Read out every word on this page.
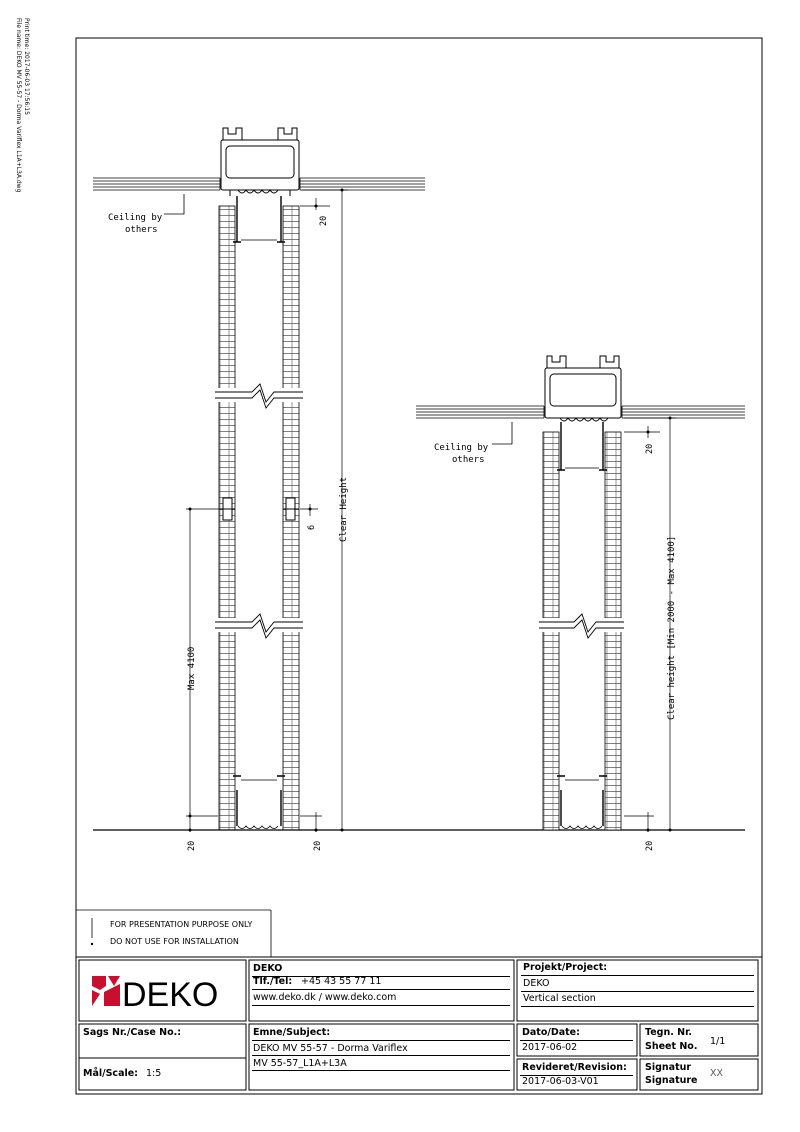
Print time: 2017-06-03 17:56:15
File name: DEKO MV 55-57 - Dorma Variflex L1A+L3A.dwg
Ceiling by
others
20
6 Clear Height
Max 4100
20	20
Ceiling by
others
20
Clear height [Min 2000 - Max 4100]
20
DEKO
FOR PRESENTATION PURPOSE ONLY
DO NOT USE FOR INSTALLATION
DEKO
Tlf./Tel: +45 43 55 77 11
www.deko.dk / www.deko.com
Projekt/Project:
DEKO
Vertical section
Sags Nr./Case No.:	Emne/Subject:
DEKO MV 55-57 - Dorma Variflex
MV 55-57_L1A+L3A
Dato/Date:
2017-06-02
Tegn. Nr.
Sheet No. 1/1
Mål/Scale: 1:5
Revideret/Revision:
2017-06-03-V01
Signatur
Signature
XX
